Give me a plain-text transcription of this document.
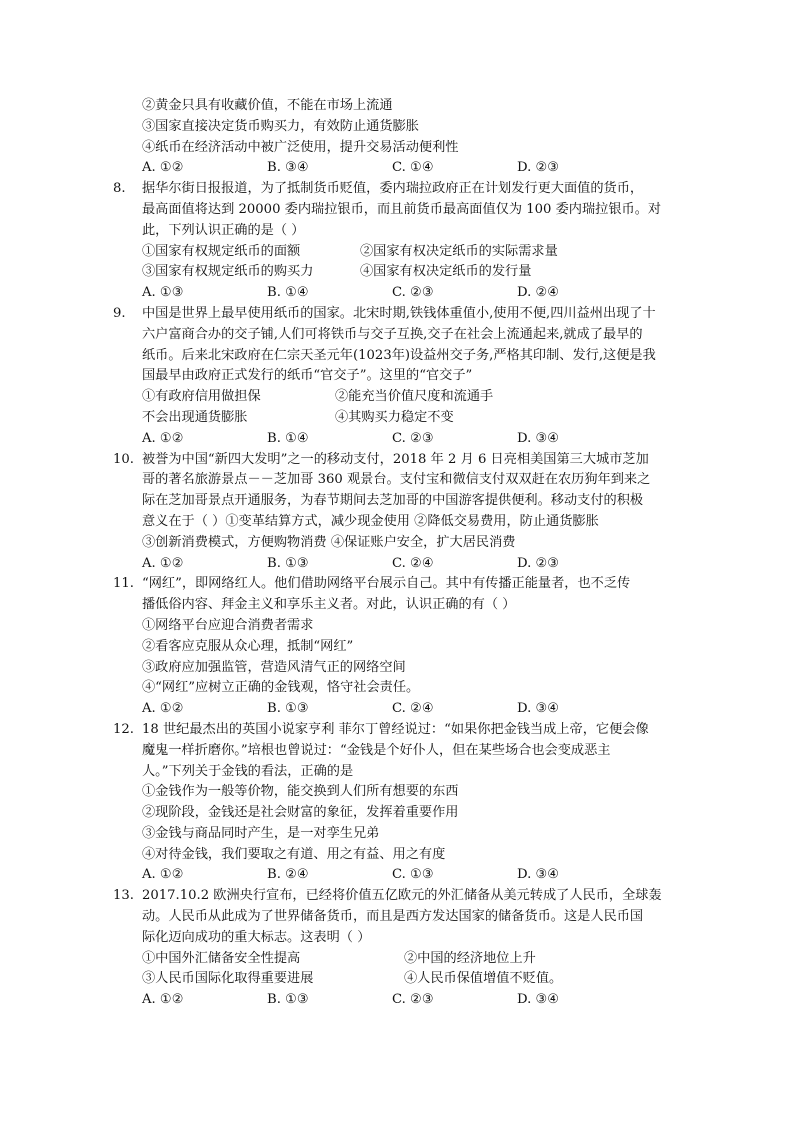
②黄金只具有收藏价值，不能在市场上流通
③国家直接决定货币购买力，有效防止通货膨胀
④纸币在经济活动中被广泛使用，提升交易活动便利性
A. ①②	B. ③④	C. ①④	D. ②③
8.	据华尔街日报报道，为了抵制货币贬值，委内瑞拉政府正在计划发行更大面值的货币，
最高面值将达到 20000 委内瑞拉银币，而且前货币最高面值仅为 100 委内瑞拉银币。对
此，下列认识正确的是（ ）
①国家有权规定纸币的面额	②国家有权决定纸币的实际需求量
③国家有权规定纸币的购买力	④国家有权决定纸币的发行量
A. ①③	B. ①④	C. ②③	D. ②④
9.	中国是世界上最早使用纸币的国家。北宋时期,铁钱体重值小,使用不便,四川益州出现了十
六户富商合办的交子铺,人们可将铁币与交子互换,交子在社会上流通起来,就成了最早的
纸币。后来北宋政府在仁宗天圣元年(1023年)设益州交子务,严格其印制、发行,这便是我
国最早由政府正式发行的纸币“官交子”。这里的“官交子”
①有政府信用做担保	②能充当价值尺度和流通手
不会出现通货膨胀	④其购买力稳定不变
A. ①②	B. ①④	C. ②③	D. ③④
10. 被誉为中国“新四大发明”之一的移动支付，2018 年 2 月 6 日亮相美国第三大城市芝加
哥的著名旅游景点－－芝加哥 360 观景台。支付宝和微信支付双双赶在农历狗年到来之
际在芝加哥景点开通服务，为春节期间去芝加哥的中国游客提供便利。移动支付的积极
意义在于（ ）①变革结算方式，减少现金使用 ②降低交易费用，防止通货膨胀
③创新消费模式，方便购物消费 ④保证账户安全，扩大居民消费
A. ①②	B. ①③	C. ②④	D. ②③
11. “网红”，即网络红人。他们借助网络平台展示自己。其中有传播正能量者，也不乏传
播低俗内容、拜金主义和享乐主义者。对此，认识正确的有（ ）
①网络平台应迎合消费者需求
②看客应克服从众心理，抵制“网红”
③政府应加强监管，营造风清气正的网络空间
④“网红”应树立正确的金钱观，恪守社会责任。
A. ①②	B. ①③	C. ②④	D. ③④
12. 18 世纪最杰出的英国小说家亨利 菲尔丁曾经说过：“如果你把金钱当成上帝，它便会像
魔鬼一样折磨你。”培根也曾说过：“金钱是个好仆人，但在某些场合也会变成恶主
人。”下列关于金钱的看法，正确的是
①金钱作为一般等价物，能交换到人们所有想要的东西
②现阶段，金钱还是社会财富的象征，发挥着重要作用
③金钱与商品同时产生，是一对孪生兄弟
④对待金钱，我们要取之有道、用之有益、用之有度
A. ①②	B. ②④	C. ①③	D. ③④
13. 2017.10.2 欧洲央行宣布，已经将价值五亿欧元的外汇储备从美元转成了人民币，全球轰
动。人民币从此成为了世界储备货币，而且是西方发达国家的储备货币。这是人民币国
际化迈向成功的重大标志。这表明（ ）
①中国外汇储备安全性提高	②中国的经济地位上升
③人民币国际化取得重要进展	④人民币保值增值不贬值。
A. ①②	B. ①③	C. ②③	D. ③④
